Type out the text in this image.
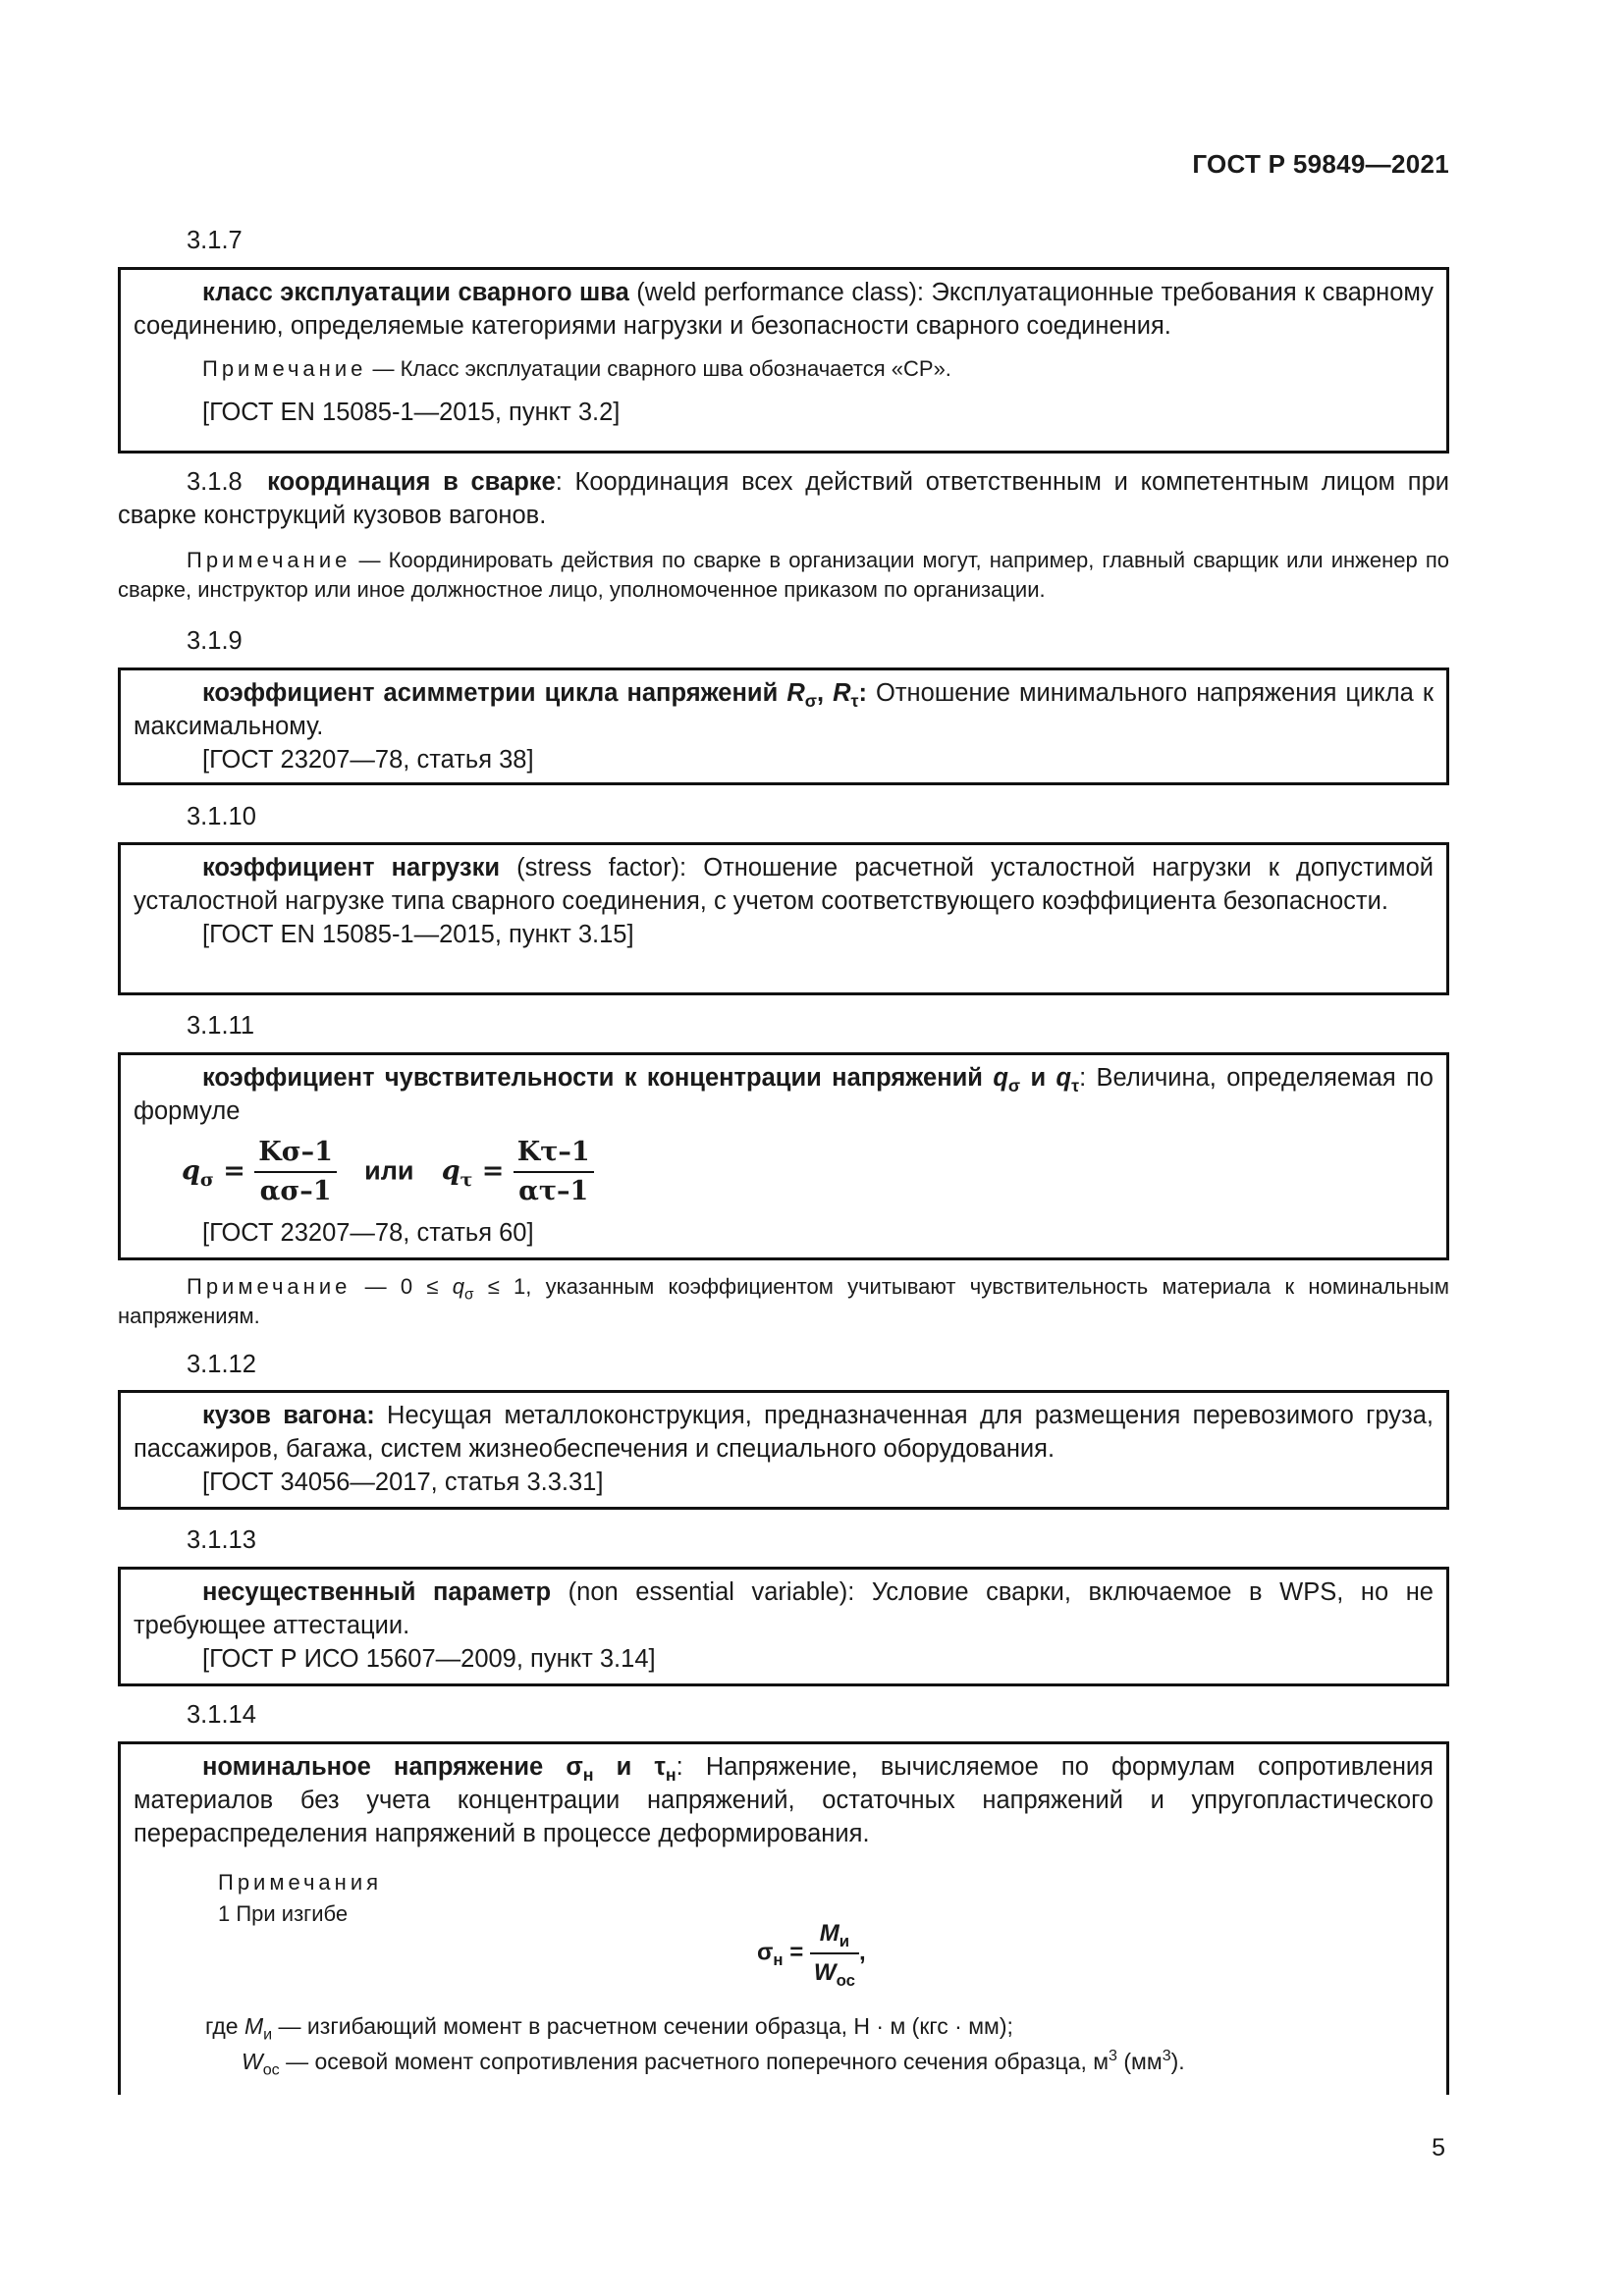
ГОСТ Р 59849—2021
3.1.7

класс эксплуатации сварного шва (weld performance class): Эксплуатационные требования к сварному соединению, определяемые категориями нагрузки и безопасности сварного соединения.

Примечание — Класс эксплуатации сварного шва обозначается «CP».

[ГОСТ EN 15085-1—2015, пункт 3.2]

3.1.8 координация в сварке: Координация всех действий ответственным и компетентным лицом при сварке конструкций кузовов вагонов.

Примечание — Координировать действия по сварке в организации могут, например, главный сварщик или инженер по сварке, инструктор или иное должностное лицо, уполномоченное приказом по организации.

3.1.9

коэффициент асимметрии цикла напряжений $R_\sigma$, $R_\tau$: Отношение минимального напряжения цикла к максимальному.

[ГОСТ 23207—78, статья 38]

3.1.10

коэффициент нагрузки (stress factor): Отношение расчетной усталостной нагрузки к допустимой усталостной нагрузке типа сварного соединения, с учетом соответствующего коэффициента безопасности.

[ГОСТ EN 15085-1—2015, пункт 3.15]

3.1.11

коэффициент чувствительности к концентрации напряжений $q_\sigma$ и $q_\tau$: Величина, определяемая по формуле

$q_\sigma = \frac{K\sigma-1}{\alpha\sigma-1}$ или $q_\tau = \frac{K\tau-1}{\alpha\tau-1}$

[ГОСТ 23207—78, статья 60]

Примечание — $0 \le q_\sigma \le 1$, указанным коэффициентом учитывают чувствительность материала к номинальным напряжениям.

3.1.12

кузов вагона: Несущая металлоконструкция, предназначенная для размещения перевозимого груза, пассажиров, багажа, систем жизнеобеспечения и специального оборудования.

[ГОСТ 34056—2017, статья 3.3.31]

3.1.13

несущественный параметр (non essential variable): Условие сварки, включаемое в WPS, но не требующее аттестации.

[ГОСТ Р ИСО 15607—2009, пункт 3.14]

3.1.14

номинальное напряжение $\sigma_н$ и $\tau_н$: Напряжение, вычисляемое по формулам сопротивления материалов без учета концентрации напряжений, остаточных напряжений и упругопластического перераспределения напряжений в процессе деформирования.

Примечания

1 При изгибе

$\sigma_н = \frac{М_и}{W_{ос}}$ ,

где $М_и$ — изгибающий момент в расчетном сечении образца, Н · м (кгс · мм);

$W_{ос}$ — осевой момент сопротивления расчетного поперечного сечения образца, $м^3$ $(мм^3)$.

5
